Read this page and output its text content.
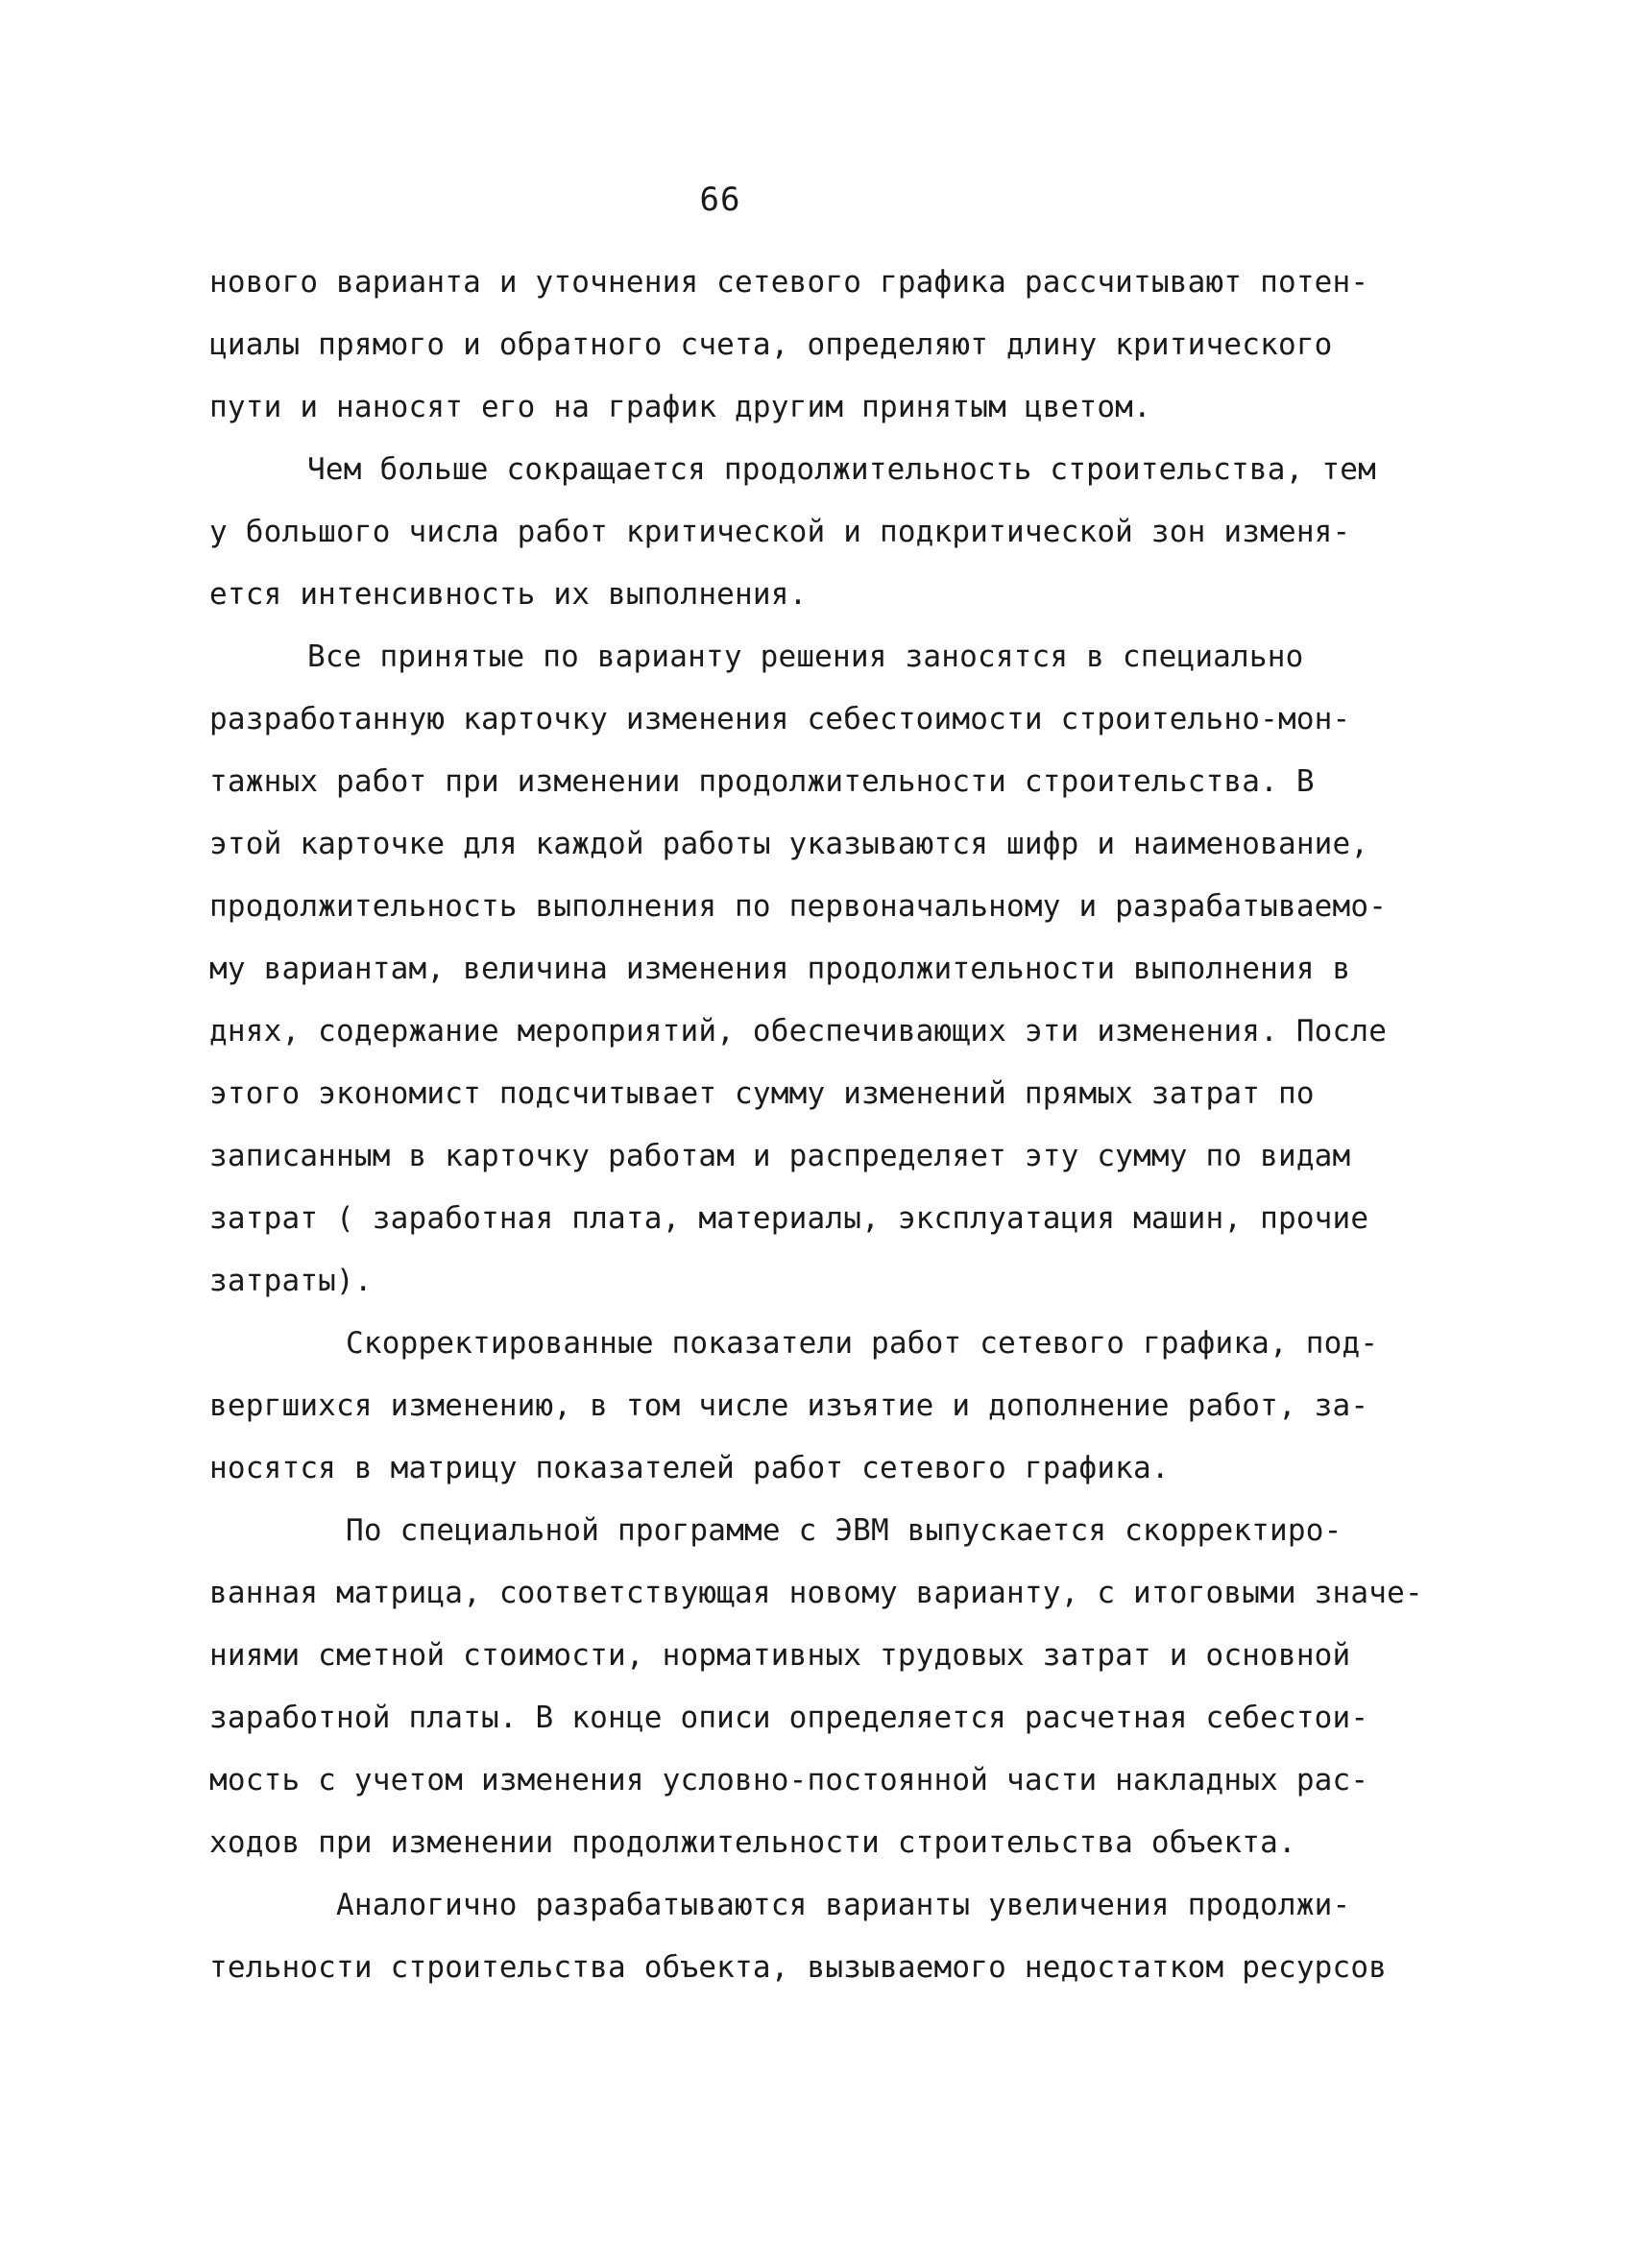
66
нового варианта и уточнения сетевого графика рассчитывают потен-
циалы прямого и обратного счета, определяют длину критического
пути и наносят его на график другим принятым цветом.
Чем больше сокращается продолжительность строительства, тем
у большого числа работ критической и подкритической зон изменя-
ется интенсивность их выполнения.
Все принятые по варианту решения заносятся в специально
разработанную карточку изменения себестоимости строительно-мон-
тажных работ при изменении продолжительности строительства. В
этой карточке для каждой работы указываются шифр и наименование,
продолжительность выполнения по первоначальному и разрабатываемо-
му вариантам, величина изменения продолжительности выполнения в
днях, содержание мероприятий, обеспечивающих эти изменения. После
этого экономист подсчитывает сумму изменений прямых затрат по
записанным в карточку работам и распределяет эту сумму по видам
затрат ( заработная плата, материалы, эксплуатация машин, прочие
затраты).
Скорректированные показатели работ сетевого графика, под-
вергшихся изменению, в том числе изъятие и дополнение работ, за-
носятся в матрицу показателей работ сетевого графика.
По специальной программе с ЭВМ выпускается скорректиро-
ванная матрица, соответствующая новому варианту, с итоговыми значе-
ниями сметной стоимости, нормативных трудовых затрат и основной
заработной платы. В конце описи определяется расчетная себестои-
мость с учетом изменения условно-постоянной части накладных рас-
ходов при изменении продолжительности строительства объекта.
Аналогично разрабатываются варианты увеличения продолжи-
тельности строительства объекта, вызываемого недостатком ресурсов
